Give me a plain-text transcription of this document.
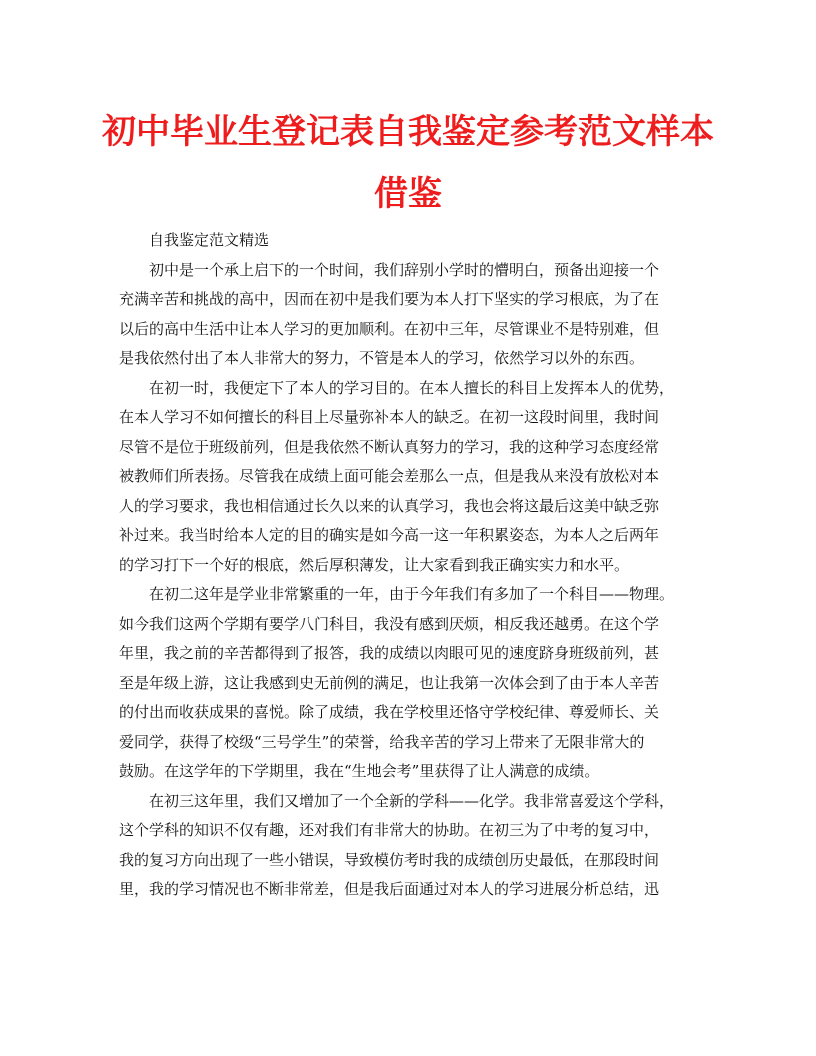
初中毕业生登记表自我鉴定参考范文样本
借鉴
自我鉴定范文精选
初中是一个承上启下的一个时间，我们辞别小学时的懵明白，预备出迎接一个
充满辛苦和挑战的高中，因而在初中是我们要为本人打下坚实的学习根底，为了在
以后的高中生活中让本人学习的更加顺利。在初中三年，尽管课业不是特别难，但
是我依然付出了本人非常大的努力，不管是本人的学习，依然学习以外的东西。
在初一时，我便定下了本人的学习目的。在本人擅长的科目上发挥本人的优势，
在本人学习不如何擅长的科目上尽量弥补本人的缺乏。在初一这段时间里，我时间
尽管不是位于班级前列，但是我依然不断认真努力的学习，我的这种学习态度经常
被教师们所表扬。尽管我在成绩上面可能会差那么一点，但是我从来没有放松对本
人的学习要求，我也相信通过长久以来的认真学习，我也会将这最后这美中缺乏弥
补过来。我当时给本人定的目的确实是如今高一这一年积累姿态，为本人之后两年
的学习打下一个好的根底，然后厚积薄发，让大家看到我正确实实力和水平。
在初二这年是学业非常繁重的一年，由于今年我们有多加了一个科目——物理。
如今我们这两个学期有要学八门科目，我没有感到厌烦，相反我还越勇。在这个学
年里，我之前的辛苦都得到了报答，我的成绩以肉眼可见的速度跻身班级前列，甚
至是年级上游，这让我感到史无前例的满足，也让我第一次体会到了由于本人辛苦
的付出而收获成果的喜悦。除了成绩，我在学校里还恪守学校纪律、尊爱师长、关
爱同学，获得了校级“三号学生”的荣誉，给我辛苦的学习上带来了无限非常大的
鼓励。在这学年的下学期里，我在“生地会考”里获得了让人满意的成绩。
在初三这年里，我们又增加了一个全新的学科——化学。我非常喜爱这个学科，
这个学科的知识不仅有趣，还对我们有非常大的协助。在初三为了中考的复习中，
我的复习方向出现了一些小错误，导致模仿考时我的成绩创历史最低，在那段时间
里，我的学习情况也不断非常差，但是我后面通过对本人的学习进展分析总结，迅
